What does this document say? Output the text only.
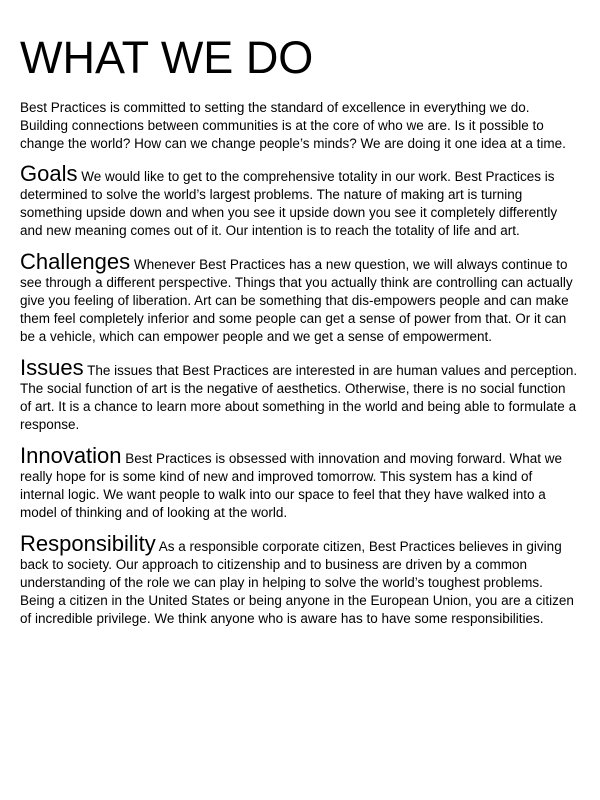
WHAT WE DO

Best Practices is committed to setting the standard of excellence in everything we do. Building connections between communities is at the core of who we are. Is it possible to change the world? How can we change people’s minds? We are doing it one idea at a time.

Goals We would like to get to the comprehensive totality in our work. Best Practices is determined to solve the world’s largest problems. The nature of making art is turning something upside down and when you see it upside down you see it completely differently and new meaning comes out of it. Our intention is to reach the totality of life and art.

Challenges Whenever Best Practices has a new question, we will always continue to see through a different perspective. Things that you actually think are controlling can actually give you feeling of liberation. Art can be something that dis-empowers people and can make them feel completely inferior and some people can get a sense of power from that. Or it can be a vehicle, which can empower people and we get a sense of empowerment.

Issues The issues that Best Practices are interested in are human values and perception. The social function of art is the negative of aesthetics. Otherwise, there is no social function of art. It is a chance to learn more about something in the world and being able to formulate a response.

Innovation Best Practices is obsessed with innovation and moving forward. What we really hope for is some kind of new and improved tomorrow. This system has a kind of internal logic. We want people to walk into our space to feel that they have walked into a model of thinking and of looking at the world.

Responsibility As a responsible corporate citizen, Best Practices believes in giving back to society. Our approach to citizenship and to business are driven by a common understanding of the role we can play in helping to solve the world’s toughest problems. Being a citizen in the United States or being anyone in the European Union, you are a citizen of incredible privilege. We think anyone who is aware has to have some responsibilities.
